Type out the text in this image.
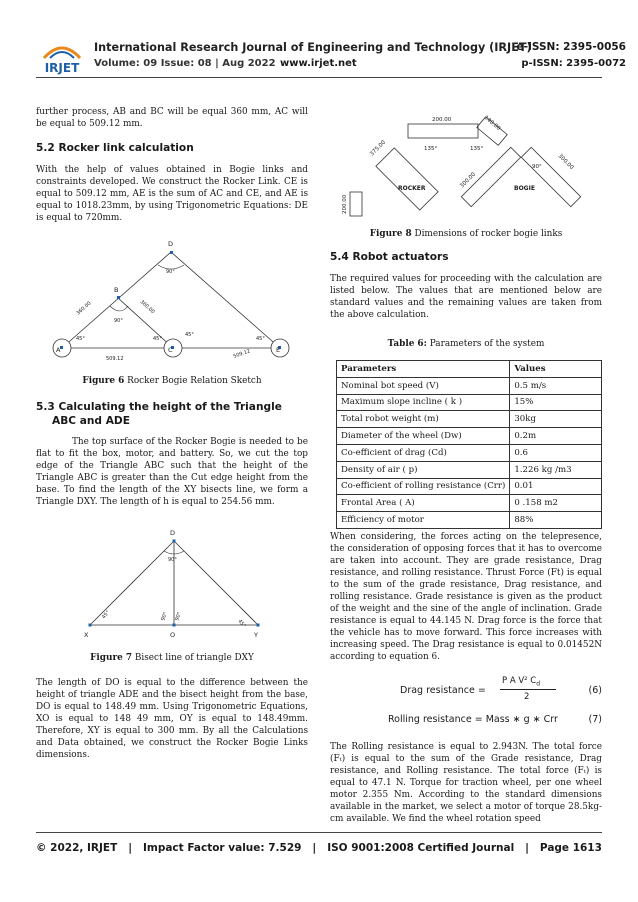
IRJET
International Research Journal of Engineering and Technology (IRJET)
e-ISSN: 2395-0056
Volume: 09 Issue: 08 | Aug 2022 www.irjet.net	p-ISSN: 2395-0072

further process, AB and BC will be equal 360 mm, AC will be equal to 509.12 mm.

5.2 Rocker link calculation

With the help of values obtained in Bogie links and constraints developed. We construct the Rocker Link. CE is equal to 509.12 mm, AE is the sum of AC and CE, and AE is equal to 1018.23mm, by using Trigonometric Equations: DE is equal to 720mm.

D
B
A	C	E
90°
90°
45°	45°
45°
45°
360.00	360.00
509.12	509.12
Figure 6 Rocker Bogie Relation Sketch

5.3 Calculating the height of the Triangle ABC and ADE

The top surface of the Rocker Bogie is needed to be flat to fit the box, motor, and battery. So, we cut the top edge of the Triangle ABC such that the height of the Triangle ABC is greater than the Cut edge height from the base. To find the length of the XY bisects line, we form a Triangle DXY. The length of h is equal to 254.56 mm.

D
X	O	Y
90°
45°
45°
90° 90°
Figure 7 Bisect line of triangle DXY

The length of DO is equal to the difference between the height of triangle ADE and the bisect height from the base, DO is equal to 148.49 mm. Using Trigonometric Equations, XO is equal to 148 49 mm, OY is equal to 148.49mm. Therefore, XY is equal to 300 mm. By all the Calculations and Data obtained, we construct the Rocker Bogie Links dimensions.

ROCKER	BOGIE
200.00	140.00
375.00
300.00
300.00
200.00
135°	135°
90°
Figure 8 Dimensions of rocker bogie links

5.4 Robot actuators

The required values for proceeding with the calculation are listed below. The values that are mentioned below are standard values and the remaining values are taken from the above calculation.

Table 6: Parameters of the system
Parameters	Values
Nominal bot speed (V)	0.5 m/s
Maximum slope incline ( k )	15%
Total robot weight (m)	30kg
Diameter of the wheel (Dw)	0.2m
Co-efficient of drag (Cd)	0.6
Density of air ( p)	1.226 kg /m3
Co-efficient of rolling resistance (Crr)	0.01
Frontal Area ( A)	0 .158 m2
Efficiency of motor	88%

When considering, the forces acting on the telepresence, the consideration of opposing forces that it has to overcome are taken into account. They are grade resistance, Drag resistance, and rolling resistance. Thrust Force (Ft) is equal to the sum of the grade resistance, Drag resistance, and rolling resistance. Grade resistance is given as the product of the weight and the sine of the angle of inclination. Grade resistance is equal to 44.145 N. Drag force is the force that the vehicle has to move forward. This force increases with increasing speed. The Drag resistance is equal to 0.01452N according to equation 6.

Drag resistance =
P A V² $C_d$
2
(6)
Rolling resistance = Mass ∗ g ∗ Crr	(7)

The Rolling resistance is equal to 2.943N. The total force (Fₜ) is equal to the sum of the Grade resistance, Drag resistance, and Rolling resistance. The total force (Fₜ) is equal to 47.1 N. Torque for traction wheel, per one wheel motor 2.355 Nm. According to the standard dimensions available in the market, we select a motor of torque 28.5kg-cm available. We find the wheel rotation speed

© 2022, IRJET | Impact Factor value: 7.529 | ISO 9001:2008 Certified Journal | Page 1613
